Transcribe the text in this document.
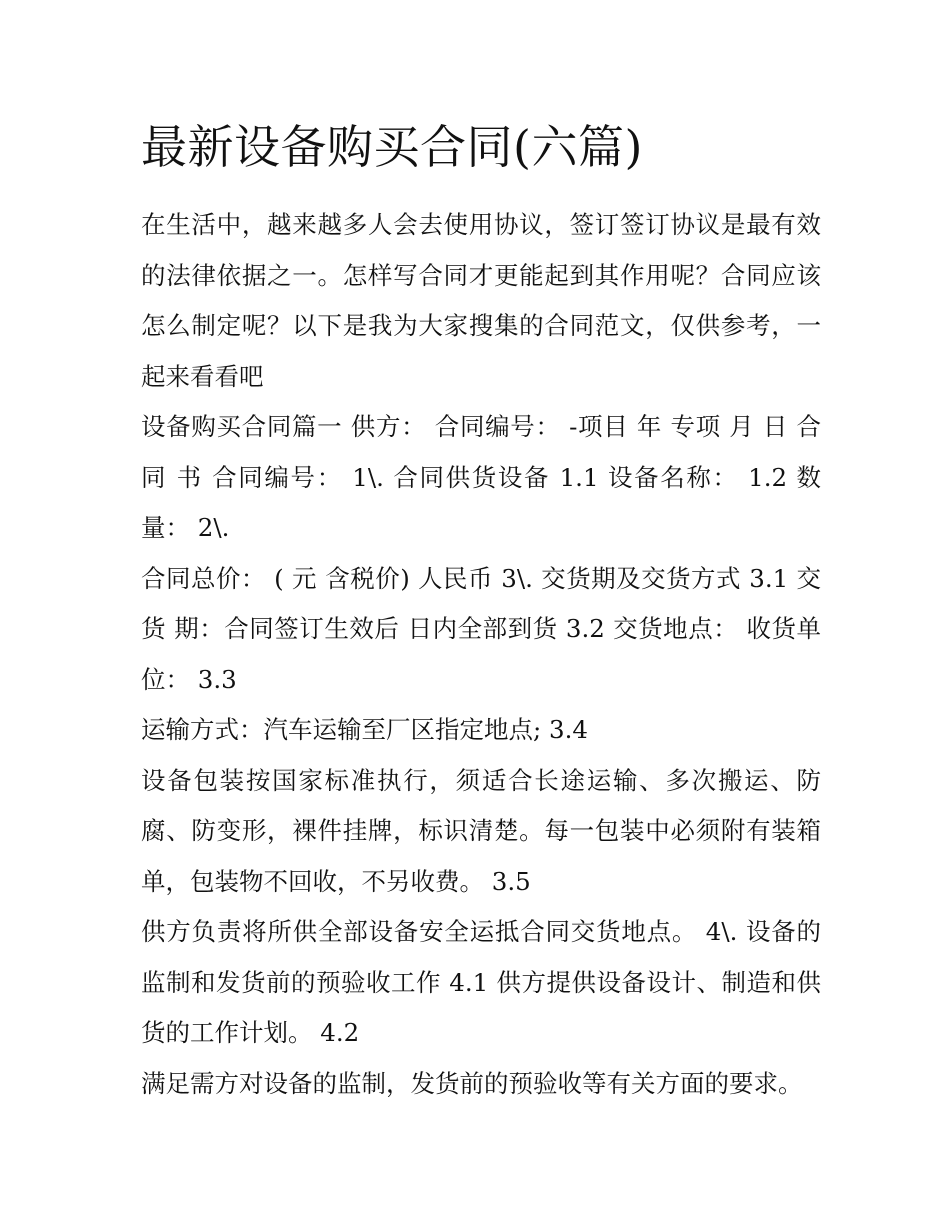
最新设备购买合同(六篇)

在生活中，越来越多人会去使用协议，签订签订协议是最有效的法律依据之一。怎样写合同才更能起到其作用呢？合同应该怎么制定呢？以下是我为大家搜集的合同范文，仅供参考，一起来看看吧

设备购买合同篇一 供方： 合同编号： -项目 年 专项 月 日 合同 书 合同编号： 1\. 合同供货设备 1.1 设备名称： 1.2 数量： 2\.

合同总价： ( 元 含税价) 人民币 3\. 交货期及交货方式 3.1 交货 期：合同签订生效后 日内全部到货 3.2 交货地点： 收货单位： 3.3

运输方式：汽车运输至厂区指定地点; 3.4

设备包装按国家标准执行，须适合长途运输、多次搬运、防腐、防变形，裸件挂牌，标识清楚。每一包装中必须附有装箱单，包装物不回收，不另收费。 3.5

供方负责将所供全部设备安全运抵合同交货地点。 4\. 设备的监制和发货前的预验收工作 4.1 供方提供设备设计、制造和供货的工作计划。 4.2

满足需方对设备的监制，发货前的预验收等有关方面的要求。
